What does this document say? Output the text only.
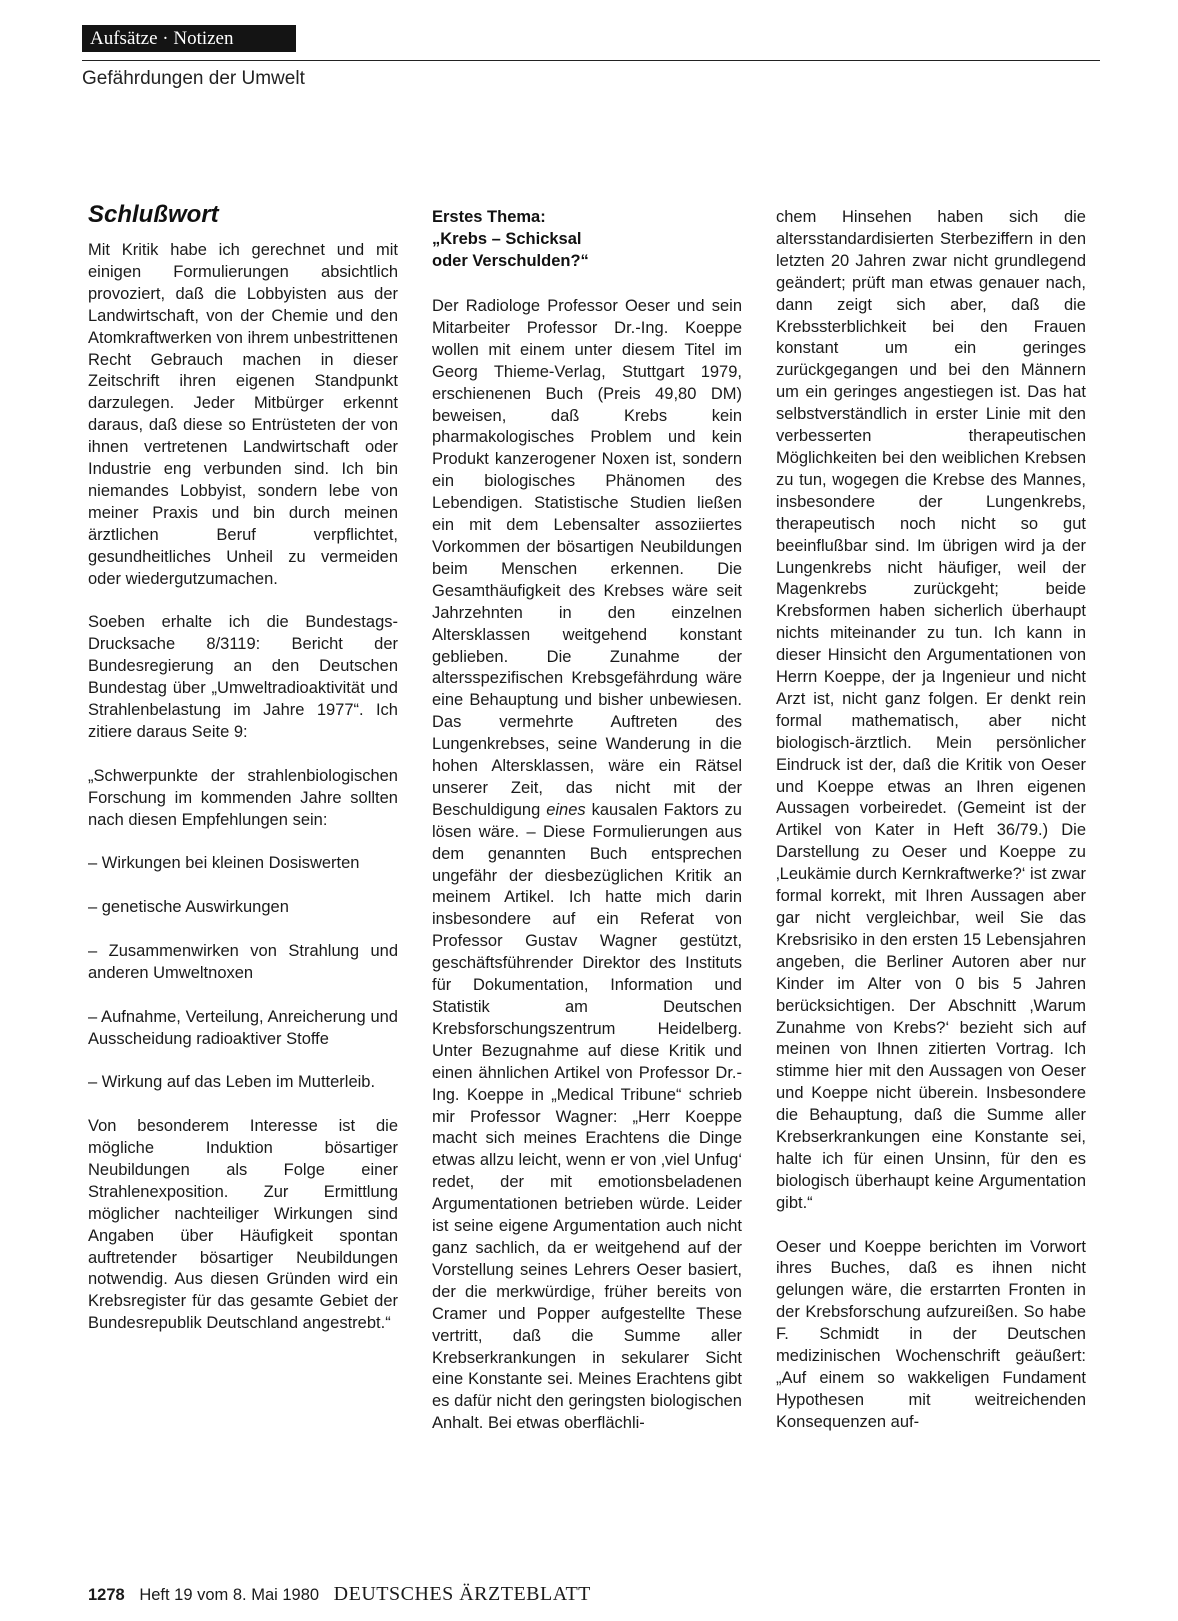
Aufsätze · Notizen
Gefährdungen der Umwelt
Schlußwort

Mit Kritik habe ich gerechnet und mit einigen Formulierungen absichtlich provoziert, daß die Lobbyisten aus der Landwirtschaft, von der Chemie und den Atomkraftwerken von ihrem unbestrittenen Recht Gebrauch machen in dieser Zeitschrift ihren eigenen Standpunkt darzulegen. Jeder Mitbürger erkennt daraus, daß diese so Entrüsteten der von ihnen vertretenen Landwirtschaft oder Industrie eng verbunden sind. Ich bin niemandes Lobbyist, sondern lebe von meiner Praxis und bin durch meinen ärztlichen Beruf verpflichtet, gesundheitliches Unheil zu vermeiden oder wiedergutzumachen.

Soeben erhalte ich die Bundestags-Drucksache 8/3119: Bericht der Bundesregierung an den Deutschen Bundestag über „Umweltradioaktivität und Strahlenbelastung im Jahre 1977“. Ich zitiere daraus Seite 9:

„Schwerpunkte der strahlenbiologischen Forschung im kommenden Jahre sollten nach diesen Empfehlungen sein:

– Wirkungen bei kleinen Dosiswerten

– genetische Auswirkungen

– Zusammenwirken von Strahlung und anderen Umweltnoxen

– Aufnahme, Verteilung, Anreicherung und Ausscheidung radioaktiver Stoffe

– Wirkung auf das Leben im Mutterleib.

Von besonderem Interesse ist die mögliche Induktion bösartiger Neubildungen als Folge einer Strahlenexposition. Zur Ermittlung möglicher nachteiliger Wirkungen sind Angaben über Häufigkeit spontan auftretender bösartiger Neubildungen notwendig. Aus diesen Gründen wird ein Krebsregister für das gesamte Gebiet der Bundesrepublik Deutschland angestrebt.“

Erstes Thema:
„Krebs – Schicksal
oder Verschulden?“

Der Radiologe Professor Oeser und sein Mitarbeiter Professor Dr.-Ing. Koeppe wollen mit einem unter diesem Titel im Georg Thieme-Verlag, Stuttgart 1979, erschienenen Buch (Preis 49,80 DM) beweisen, daß Krebs kein pharmakologisches Problem und kein Produkt kanzerogener Noxen ist, sondern ein biologisches Phänomen des Lebendigen. Statistische Studien ließen ein mit dem Lebensalter assoziiertes Vorkommen der bösartigen Neubildungen beim Menschen erkennen. Die Gesamthäufigkeit des Krebses wäre seit Jahrzehnten in den einzelnen Altersklassen weitgehend konstant geblieben. Die Zunahme der altersspezifischen Krebsgefährdung wäre eine Behauptung und bisher unbewiesen. Das vermehrte Auftreten des Lungenkrebses, seine Wanderung in die hohen Altersklassen, wäre ein Rätsel unserer Zeit, das nicht mit der Beschuldigung eines kausalen Faktors zu lösen wäre. – Diese Formulierungen aus dem genannten Buch entsprechen ungefähr der diesbezüglichen Kritik an meinem Artikel. Ich hatte mich darin insbesondere auf ein Referat von Professor Gustav Wagner gestützt, geschäftsführender Direktor des Instituts für Dokumentation, Information und Statistik am Deutschen Krebsforschungszentrum Heidelberg. Unter Bezugnahme auf diese Kritik und einen ähnlichen Artikel von Professor Dr.-Ing. Koeppe in „Medical Tribune“ schrieb mir Professor Wagner: „Herr Koeppe macht sich meines Erachtens die Dinge etwas allzu leicht, wenn er von ‚viel Unfug‘ redet, der mit emotionsbeladenen Argumentationen betrieben würde. Leider ist seine eigene Argumentation auch nicht ganz sachlich, da er weitgehend auf der Vorstellung seines Lehrers Oeser basiert, der die merkwürdige, früher bereits von Cramer und Popper aufgestellte These vertritt, daß die Summe aller Krebserkrankungen in sekularer Sicht eine Konstante sei. Meines Erachtens gibt es dafür nicht den geringsten biologischen Anhalt. Bei etwas oberflächli-

chem Hinsehen haben sich die altersstandardisierten Sterbeziffern in den letzten 20 Jahren zwar nicht grundlegend geändert; prüft man etwas genauer nach, dann zeigt sich aber, daß die Krebssterblichkeit bei den Frauen konstant um ein geringes zurückgegangen und bei den Männern um ein geringes angestiegen ist. Das hat selbstverständlich in erster Linie mit den verbesserten therapeutischen Möglichkeiten bei den weiblichen Krebsen zu tun, wogegen die Krebse des Mannes, insbesondere der Lungenkrebs, therapeutisch noch nicht so gut beeinflußbar sind. Im übrigen wird ja der Lungenkrebs nicht häufiger, weil der Magenkrebs zurückgeht; beide Krebsformen haben sicherlich überhaupt nichts miteinander zu tun. Ich kann in dieser Hinsicht den Argumentationen von Herrn Koeppe, der ja Ingenieur und nicht Arzt ist, nicht ganz folgen. Er denkt rein formal mathematisch, aber nicht biologisch-ärztlich. Mein persönlicher Eindruck ist der, daß die Kritik von Oeser und Koeppe etwas an Ihren eigenen Aussagen vorbeiredet. (Gemeint ist der Artikel von Kater in Heft 36/79.) Die Darstellung zu Oeser und Koeppe zu ‚Leukämie durch Kernkraftwerke?‘ ist zwar formal korrekt, mit Ihren Aussagen aber gar nicht vergleichbar, weil Sie das Krebsrisiko in den ersten 15 Lebensjahren angeben, die Berliner Autoren aber nur Kinder im Alter von 0 bis 5 Jahren berücksichtigen. Der Abschnitt ‚Warum Zunahme von Krebs?‘ bezieht sich auf meinen von Ihnen zitierten Vortrag. Ich stimme hier mit den Aussagen von Oeser und Koeppe nicht überein. Insbesondere die Behauptung, daß die Summe aller Krebserkrankungen eine Konstante sei, halte ich für einen Unsinn, für den es biologisch überhaupt keine Argumentation gibt.“

Oeser und Koeppe berichten im Vorwort ihres Buches, daß es ihnen nicht gelungen wäre, die erstarrten Fronten in der Krebsforschung aufzureißen. So habe F. Schmidt in der Deutschen medizinischen Wochenschrift geäußert: „Auf einem so wakkeligen Fundament Hypothesen mit weitreichenden Konsequenzen auf-

1278 Heft 19 vom 8. Mai 1980 DEUTSCHES ÄRZTEBLATT
